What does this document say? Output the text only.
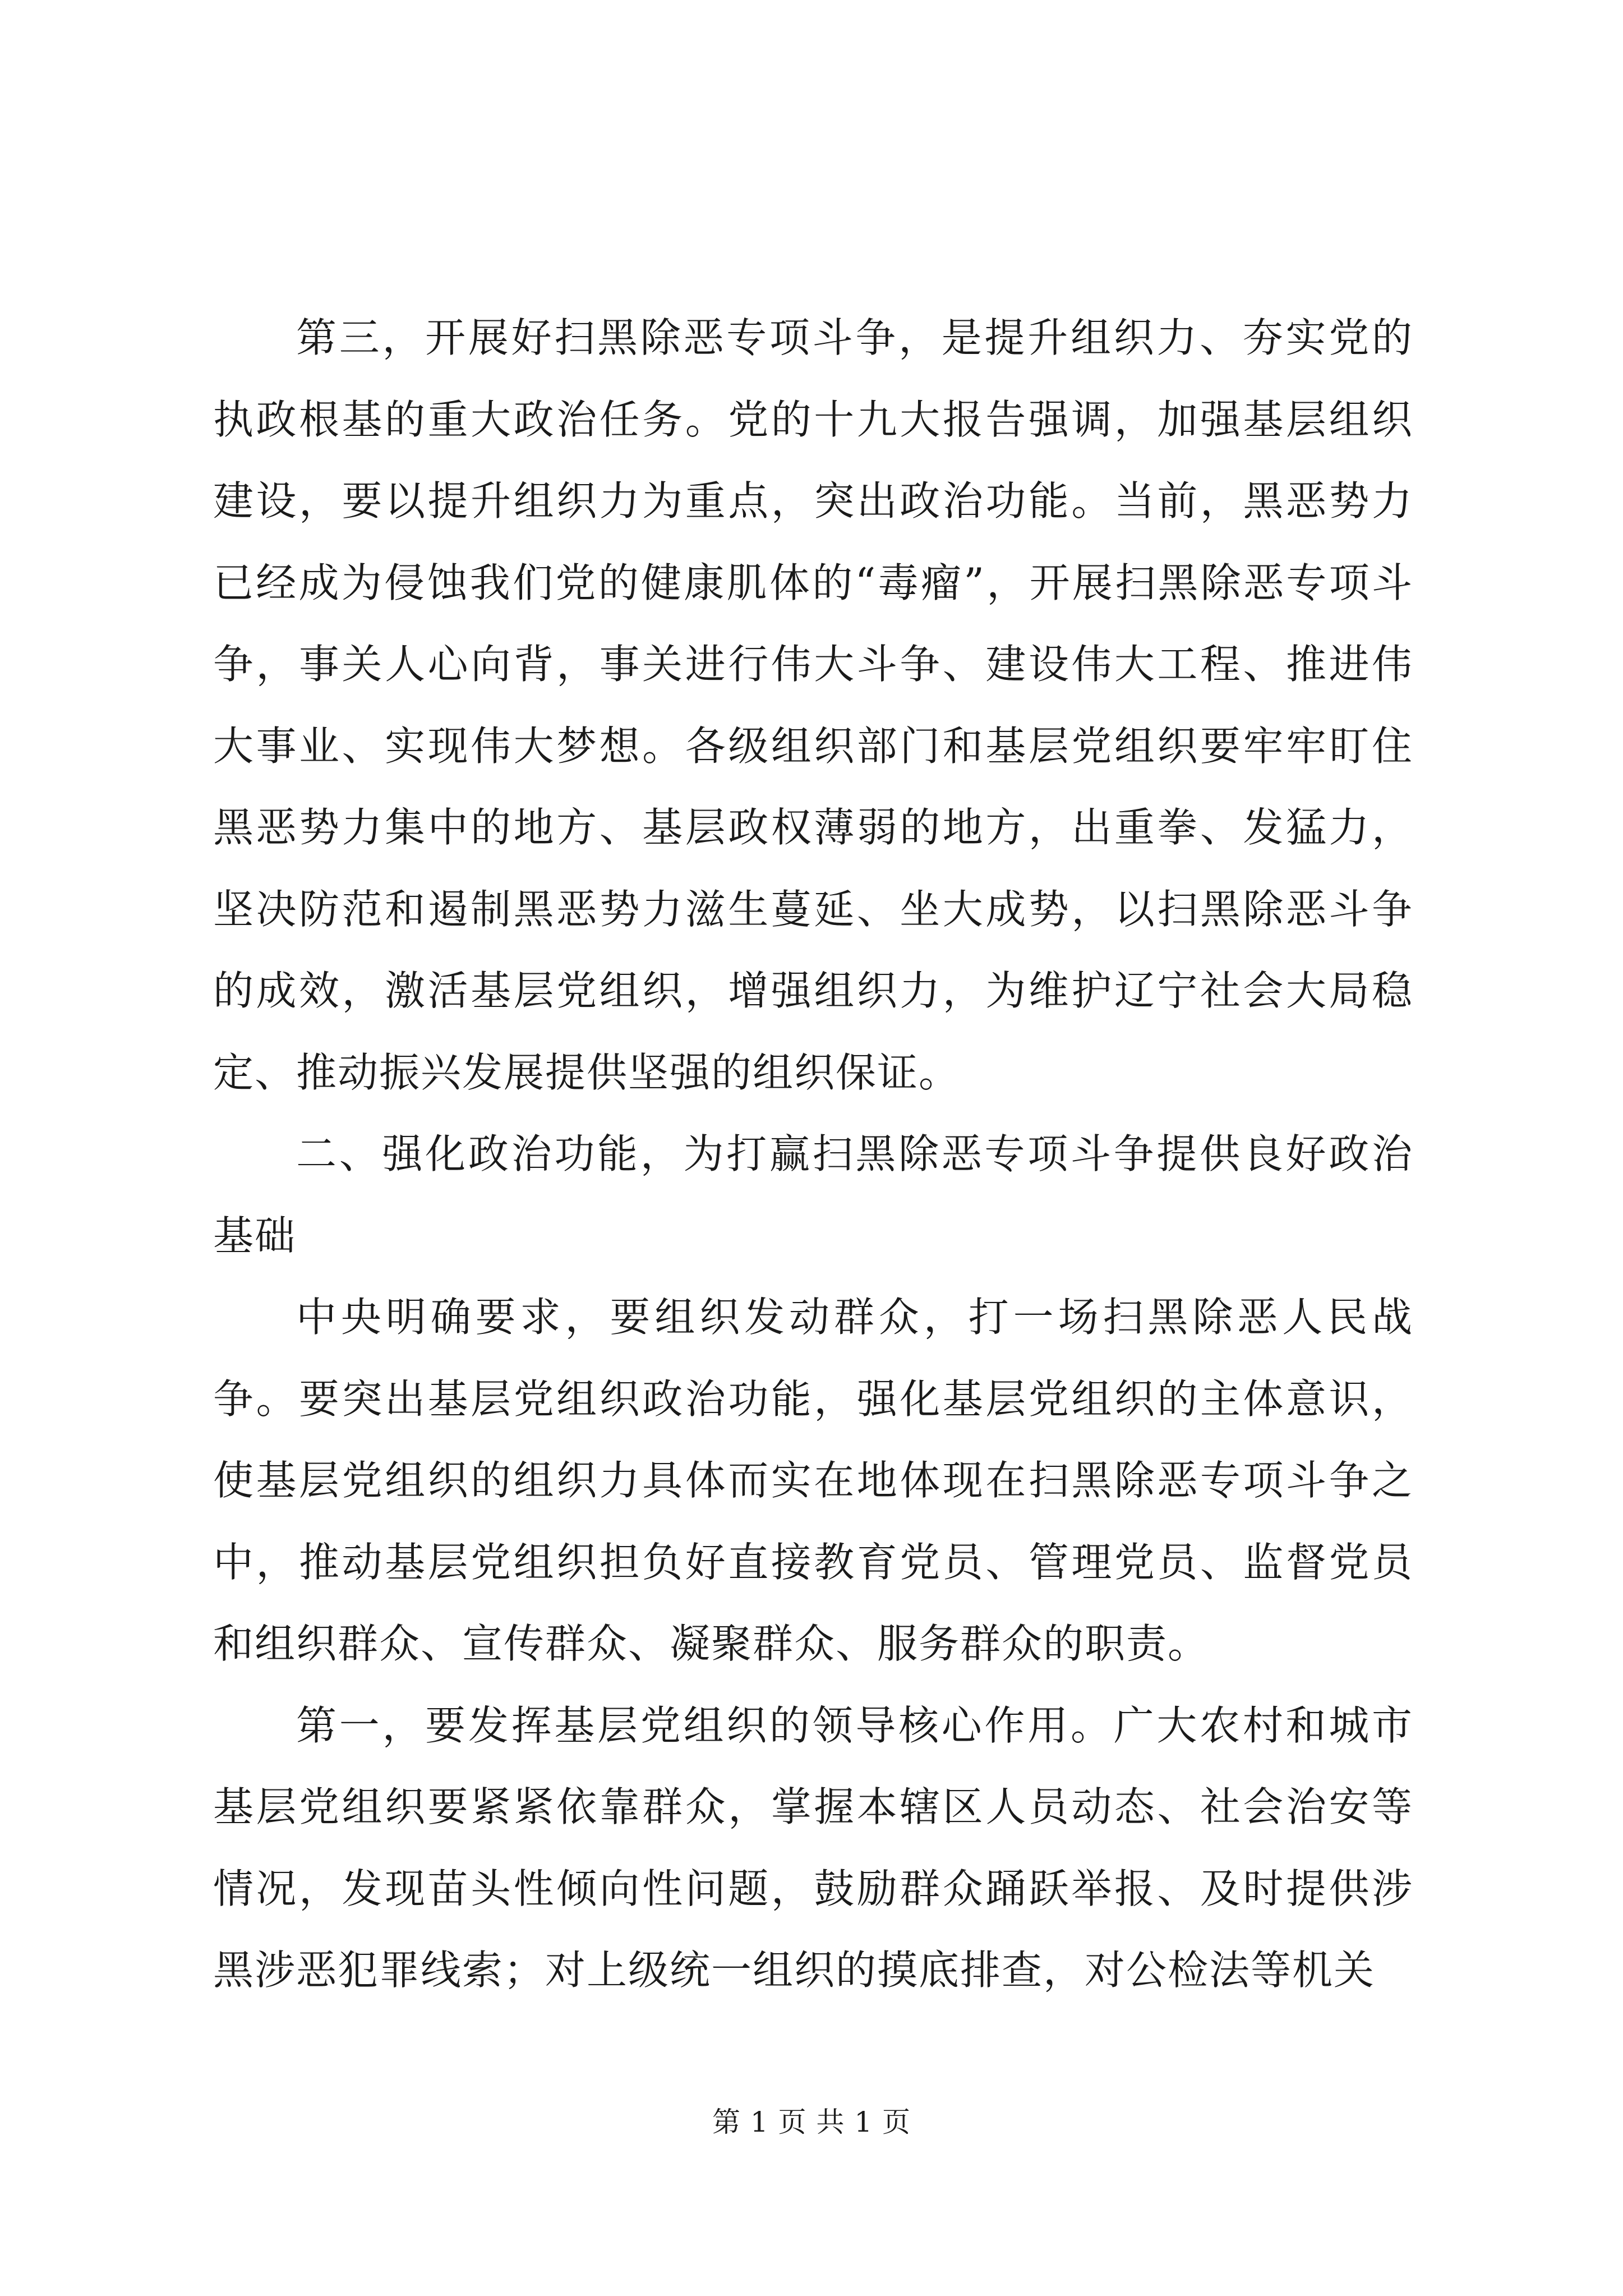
第三，开展好扫黑除恶专项斗争，是提升组织力、夯实党的执政根基的重大政治任务。党的十九大报告强调，加强基层组织建设，要以提升组织力为重点，突出政治功能。当前，黑恶势力已经成为侵蚀我们党的健康肌体的“毒瘤”，开展扫黑除恶专项斗争，事关人心向背，事关进行伟大斗争、建设伟大工程、推进伟大事业、实现伟大梦想。各级组织部门和基层党组织要牢牢盯住黑恶势力集中的地方、基层政权薄弱的地方，出重拳、发猛力，坚决防范和遏制黑恶势力滋生蔓延、坐大成势，以扫黑除恶斗争的成效，激活基层党组织，增强组织力，为维护辽宁社会大局稳定、推动振兴发展提供坚强的组织保证。

二、强化政治功能，为打赢扫黑除恶专项斗争提供良好政治基础

中央明确要求，要组织发动群众，打一场扫黑除恶人民战争。要突出基层党组织政治功能，强化基层党组织的主体意识，使基层党组织的组织力具体而实在地体现在扫黑除恶专项斗争之中，推动基层党组织担负好直接教育党员、管理党员、监督党员和组织群众、宣传群众、凝聚群众、服务群众的职责。

第一，要发挥基层党组织的领导核心作用。广大农村和城市基层党组织要紧紧依靠群众，掌握本辖区人员动态、社会治安等情况，发现苗头性倾向性问题，鼓励群众踊跃举报、及时提供涉黑涉恶犯罪线索；对上级统一组织的摸底排查，对公检法等机关

第 1 页 共 1 页
